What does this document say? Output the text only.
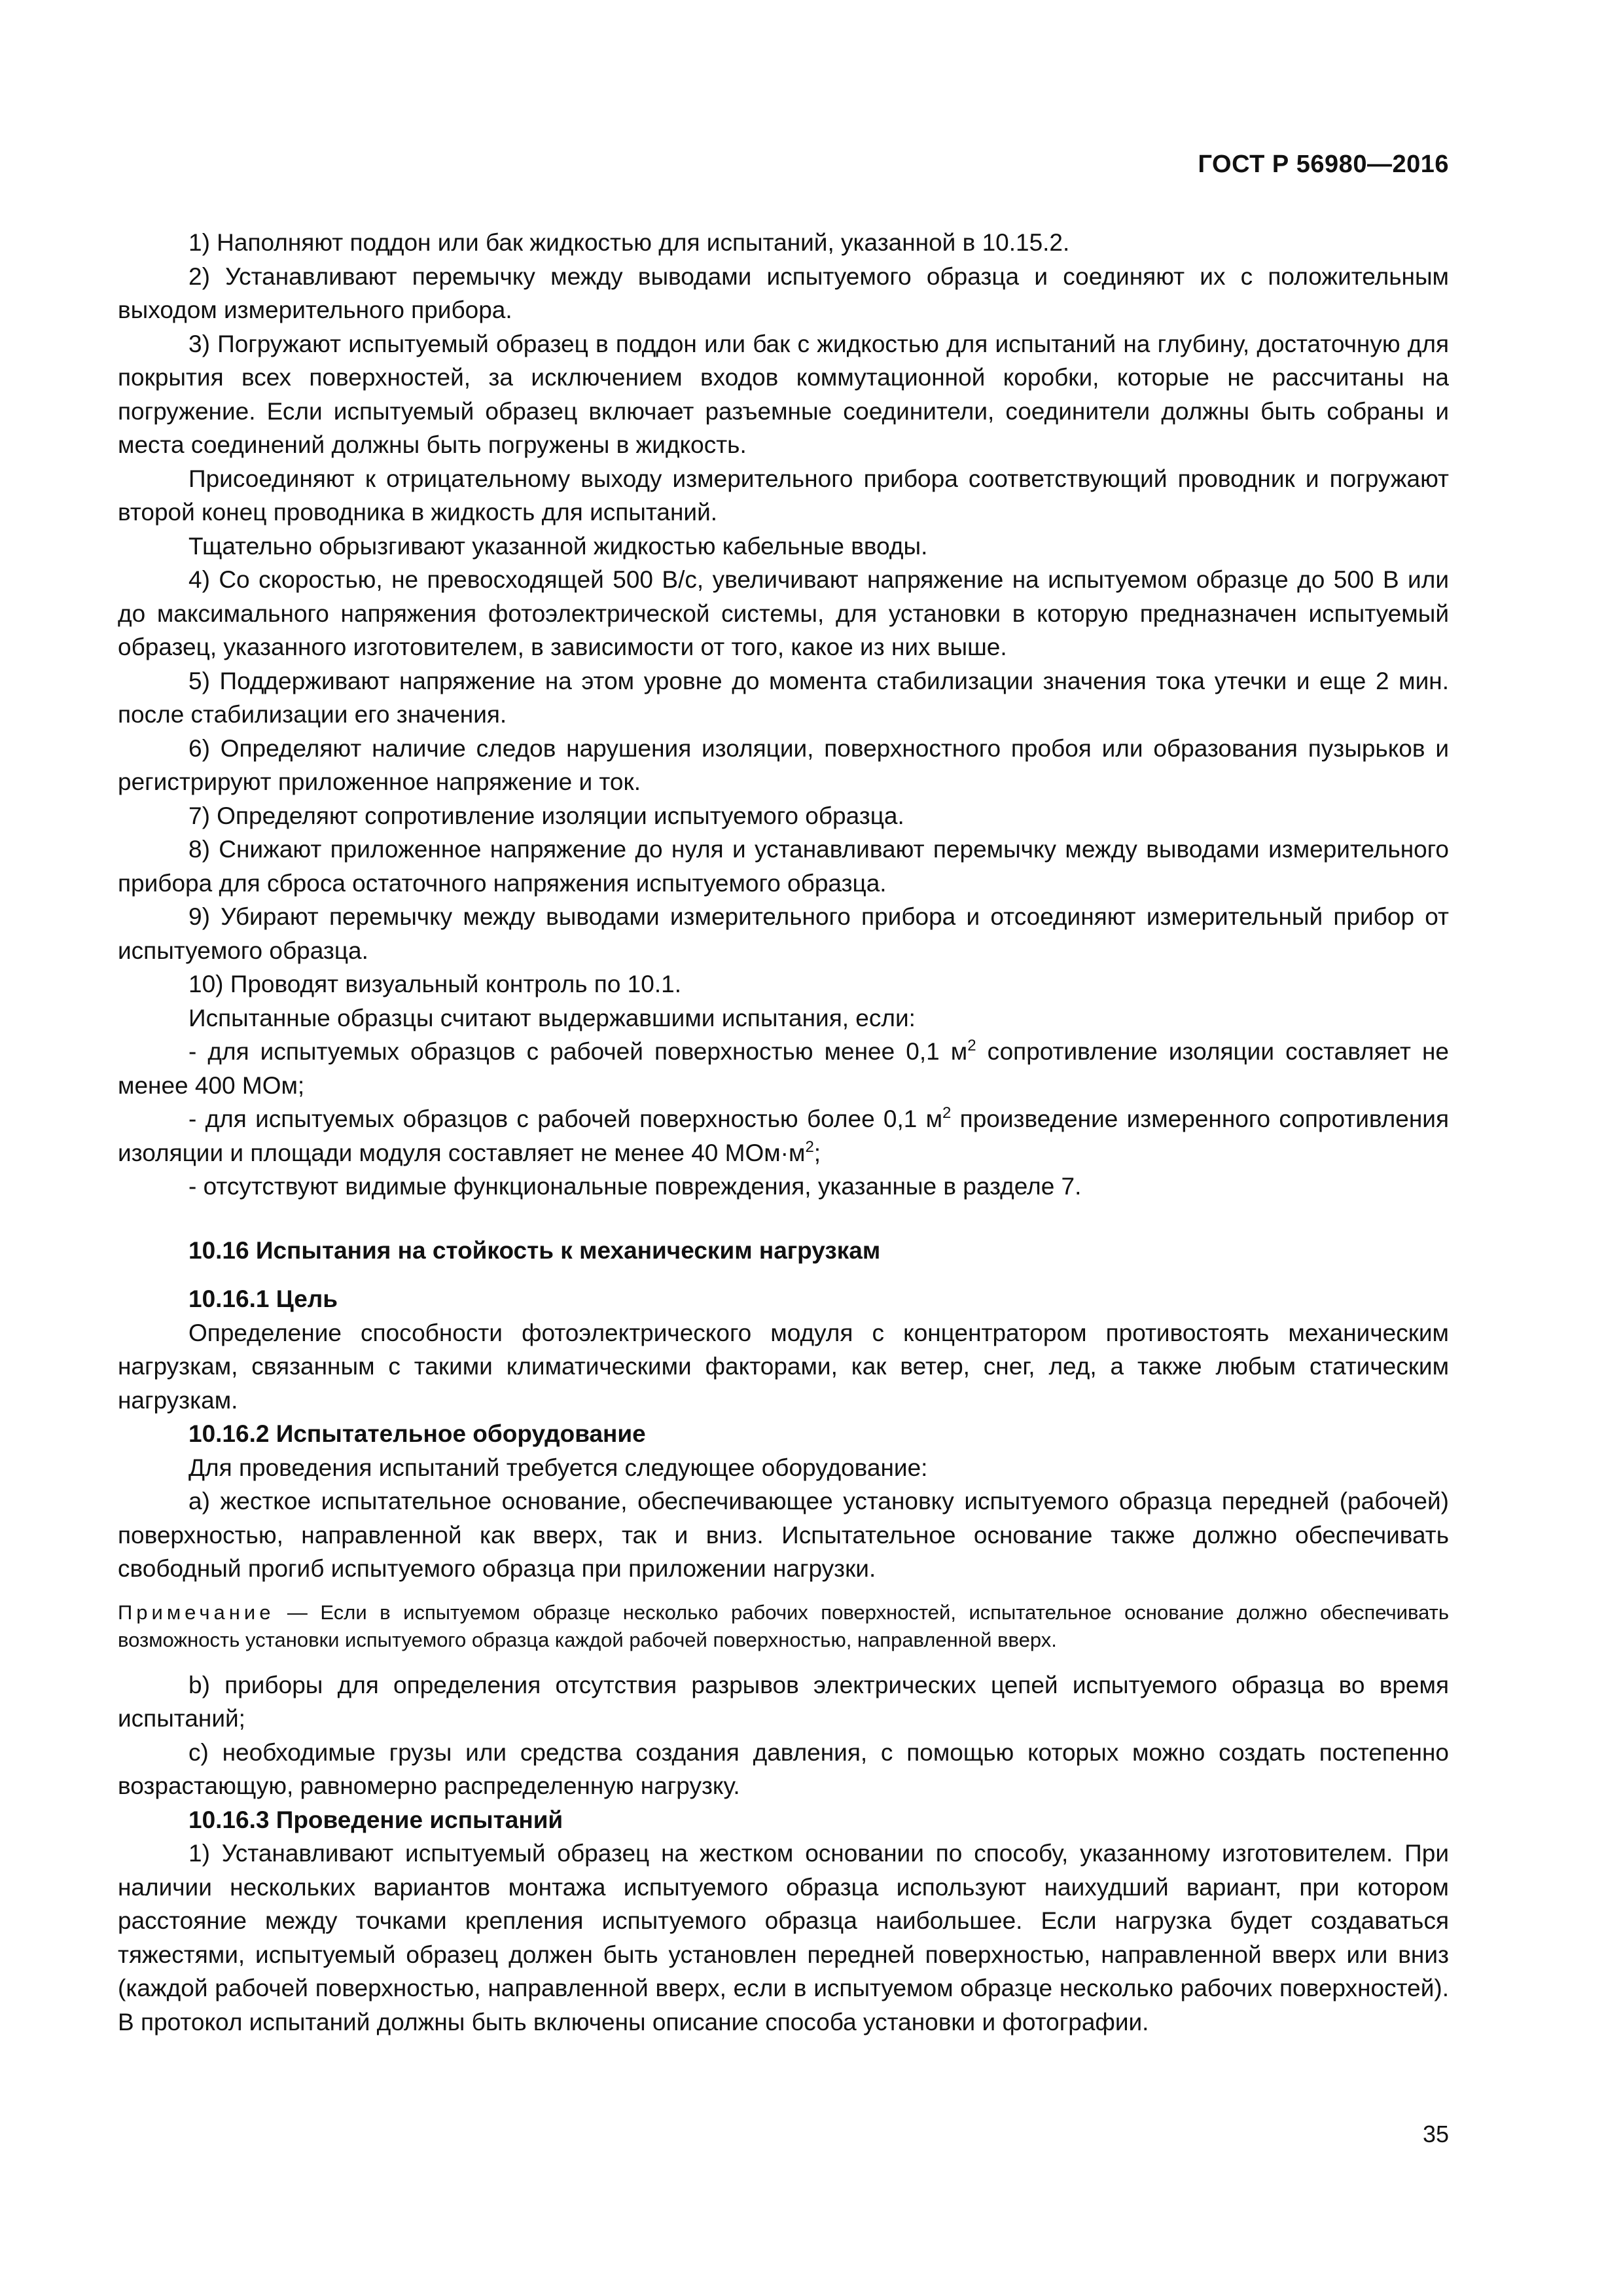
ГОСТ Р 56980—2016

1) Наполняют поддон или бак жидкостью для испытаний, указанной в 10.15.2.

2) Устанавливают перемычку между выводами испытуемого образца и соединяют их с положительным выходом измерительного прибора.

3) Погружают испытуемый образец в поддон или бак с жидкостью для испытаний на глубину, достаточную для покрытия всех поверхностей, за исключением входов коммутационной коробки, которые не рассчитаны на погружение. Если испытуемый образец включает разъемные соединители, соединители должны быть собраны и места соединений должны быть погружены в жидкость.

Присоединяют к отрицательному выходу измерительного прибора соответствующий проводник и погружают второй конец проводника в жидкость для испытаний.

Тщательно обрызгивают указанной жидкостью кабельные вводы.

4) Со скоростью, не превосходящей 500 В/с, увеличивают напряжение на испытуемом образце до 500 В или до максимального напряжения фотоэлектрической системы, для установки в которую предназначен испытуемый образец, указанного изготовителем, в зависимости от того, какое из них выше.

5) Поддерживают напряжение на этом уровне до момента стабилизации значения тока утечки и еще 2 мин. после стабилизации его значения.

6) Определяют наличие следов нарушения изоляции, поверхностного пробоя или образования пузырьков и регистрируют приложенное напряжение и ток.

7) Определяют сопротивление изоляции испытуемого образца.

8) Снижают приложенное напряжение до нуля и устанавливают перемычку между выводами измерительного прибора для сброса остаточного напряжения испытуемого образца.

9) Убирают перемычку между выводами измерительного прибора и отсоединяют измерительный прибор от испытуемого образца.

10) Проводят визуальный контроль по 10.1.

Испытанные образцы считают выдержавшими испытания, если:

- для испытуемых образцов с рабочей поверхностью менее 0,1 $м^2$ сопротивление изоляции составляет не менее 400 МОм;

- для испытуемых образцов с рабочей поверхностью более 0,1 $м^2$ произведение измеренного сопротивления изоляции и площади модуля составляет не менее 40 $МОм\cdot м^2$;

- отсутствуют видимые функциональные повреждения, указанные в разделе 7.

10.16 Испытания на стойкость к механическим нагрузкам
10.16.1 Цель

Определение способности фотоэлектрического модуля с концентратором противостоять механическим нагрузкам, связанным с такими климатическими факторами, как ветер, снег, лед, а также любым статическим нагрузкам.

10.16.2 Испытательное оборудование

Для проведения испытаний требуется следующее оборудование:

а) жесткое испытательное основание, обеспечивающее установку испытуемого образца передней (рабочей) поверхностью, направленной как вверх, так и вниз. Испытательное основание также должно обеспечивать свободный прогиб испытуемого образца при приложении нагрузки.

Примечание — Если в испытуемом образце несколько рабочих поверхностей, испытательное основание должно обеспечивать возможность установки испытуемого образца каждой рабочей поверхностью, направленной вверх.

b) приборы для определения отсутствия разрывов электрических цепей испытуемого образца во время испытаний;

с) необходимые грузы или средства создания давления, с помощью которых можно создать постепенно возрастающую, равномерно распределенную нагрузку.

10.16.3 Проведение испытаний

1) Устанавливают испытуемый образец на жестком основании по способу, указанному изготовителем. При наличии нескольких вариантов монтажа испытуемого образца используют наихудший вариант, при котором расстояние между точками крепления испытуемого образца наибольшее. Если нагрузка будет создаваться тяжестями, испытуемый образец должен быть установлен передней поверхностью, направленной вверх или вниз (каждой рабочей поверхностью, направленной вверх, если в испытуемом образце несколько рабочих поверхностей). В протокол испытаний должны быть включены описание способа установки и фотографии.

35
